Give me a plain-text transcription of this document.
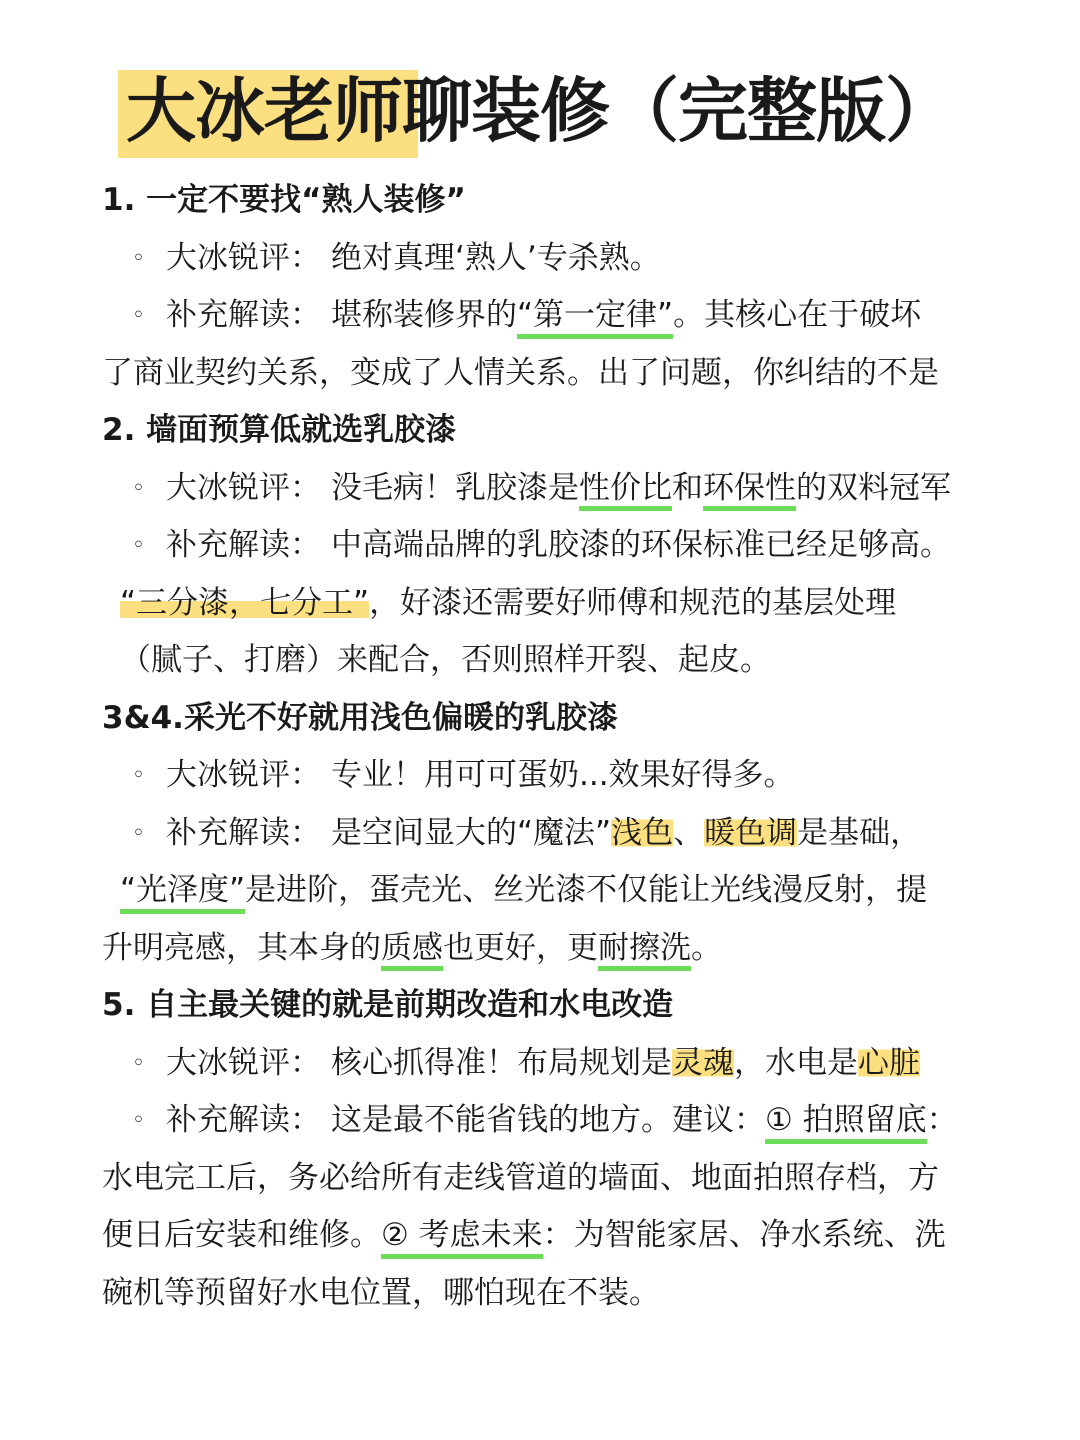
大冰老师聊装修（完整版）
1. 一定不要找“熟人装修”
◦ 大冰锐评： 绝对真理‘熟人’专杀熟。
◦ 补充解读： 堪称装修界的“第一定律”。其核心在于破坏
了商业契约关系，变成了人情关系。出了问题，你纠结的不是
2. 墙面预算低就选乳胶漆
◦ 大冰锐评： 没毛病！乳胶漆是性价比和环保性的双料冠军
◦ 补充解读： 中高端品牌的乳胶漆的环保标准已经足够高。
“三分漆，七分工”，好漆还需要好师傅和规范的基层处理
（腻子、打磨）来配合，否则照样开裂、起皮。
3&4.采光不好就用浅色偏暖的乳胶漆
◦ 大冰锐评： 专业！用可可蛋奶...效果好得多。
◦ 补充解读： 是空间显大的“魔法”浅色、暖色调是基础，
“光泽度”是进阶，蛋壳光、丝光漆不仅能让光线漫反射，提
升明亮感，其本身的质感也更好，更耐擦洗。
5. 自主最关键的就是前期改造和水电改造
◦ 大冰锐评： 核心抓得准！布局规划是灵魂，水电是心脏
◦ 补充解读： 这是最不能省钱的地方。建议：① 拍照留底：
水电完工后，务必给所有走线管道的墙面、地面拍照存档，方
便日后安装和维修。② 考虑未来：为智能家居、净水系统、洗
碗机等预留好水电位置，哪怕现在不装。
